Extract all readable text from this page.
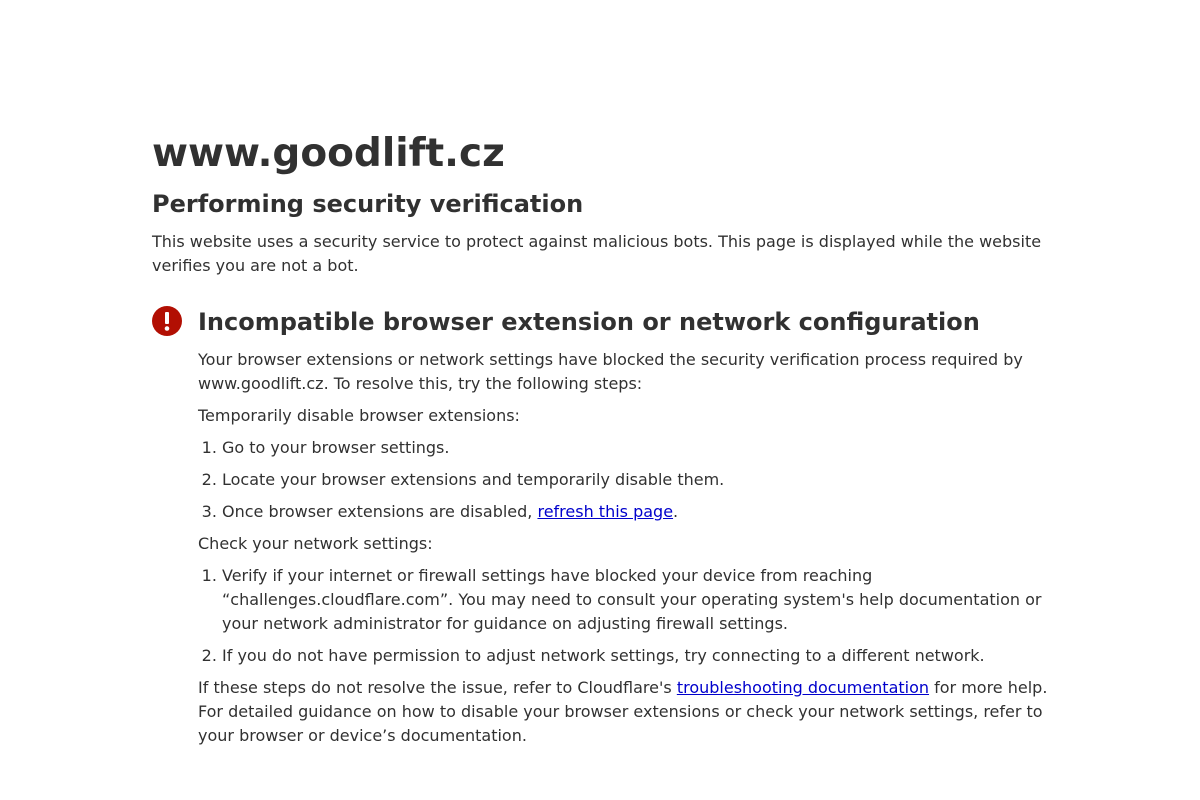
www.goodlift.cz
Performing security verification

This website uses a security service to protect against malicious bots. This page is displayed while the website verifies you are not a bot.

Incompatible browser extension or network configuration

Your browser extensions or network settings have blocked the security verification process required by www.goodlift.cz. To resolve this, try the following steps:

Temporarily disable browser extensions:

1. Go to your browser settings.
2. Locate your browser extensions and temporarily disable them.
3. Once browser extensions are disabled, refresh this page.

Check your network settings:

1. Verify if your internet or firewall settings have blocked your device from reaching “challenges.cloudflare.com”. You may need to consult your operating system's help documentation or your network administrator for guidance on adjusting firewall settings.
2. If you do not have permission to adjust network settings, try connecting to a different network.

If these steps do not resolve the issue, refer to Cloudflare's troubleshooting documentation for more help. For detailed guidance on how to disable your browser extensions or check your network settings, refer to your browser or device’s documentation.
